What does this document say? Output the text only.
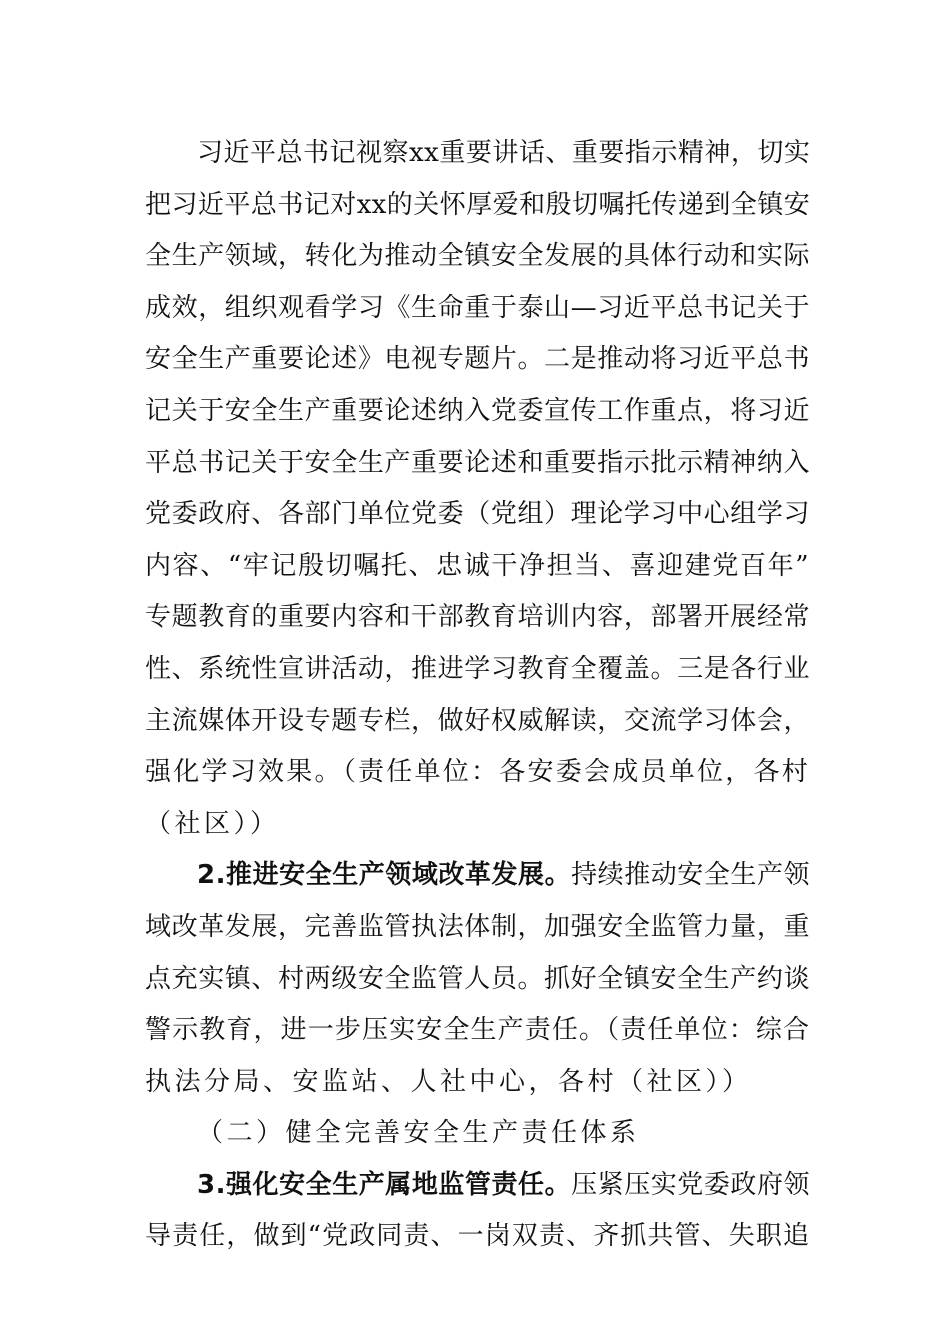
习近平总书记视察xx重要讲话、重要指示精神，切实
把习近平总书记对xx的关怀厚爱和殷切嘱托传递到全镇安
全生产领域，转化为推动全镇安全发展的具体行动和实际
成效，组织观看学习《生命重于泰山—习近平总书记关于
安全生产重要论述》电视专题片。二是推动将习近平总书
记关于安全生产重要论述纳入党委宣传工作重点，将习近
平总书记关于安全生产重要论述和重要指示批示精神纳入
党委政府、各部门单位党委（党组）理论学习中心组学习
内容、“牢记殷切嘱托、忠诚干净担当、喜迎建党百年”
专题教育的重要内容和干部教育培训内容，部署开展经常
性、系统性宣讲活动，推进学习教育全覆盖。三是各行业
主流媒体开设专题专栏，做好权威解读，交流学习体会，
强化学习效果。（责任单位：各安委会成员单位，各村
（社区））
2.推进安全生产领域改革发展。持续推动安全生产领
域改革发展，完善监管执法体制，加强安全监管力量，重
点充实镇、村两级安全监管人员。抓好全镇安全生产约谈
警示教育，进一步压实安全生产责任。（责任单位：综合
执法分局、安监站、人社中心，各村（社区））
（二）健全完善安全生产责任体系
3.强化安全生产属地监管责任。压紧压实党委政府领
导责任，做到“党政同责、一岗双责、齐抓共管、失职追
